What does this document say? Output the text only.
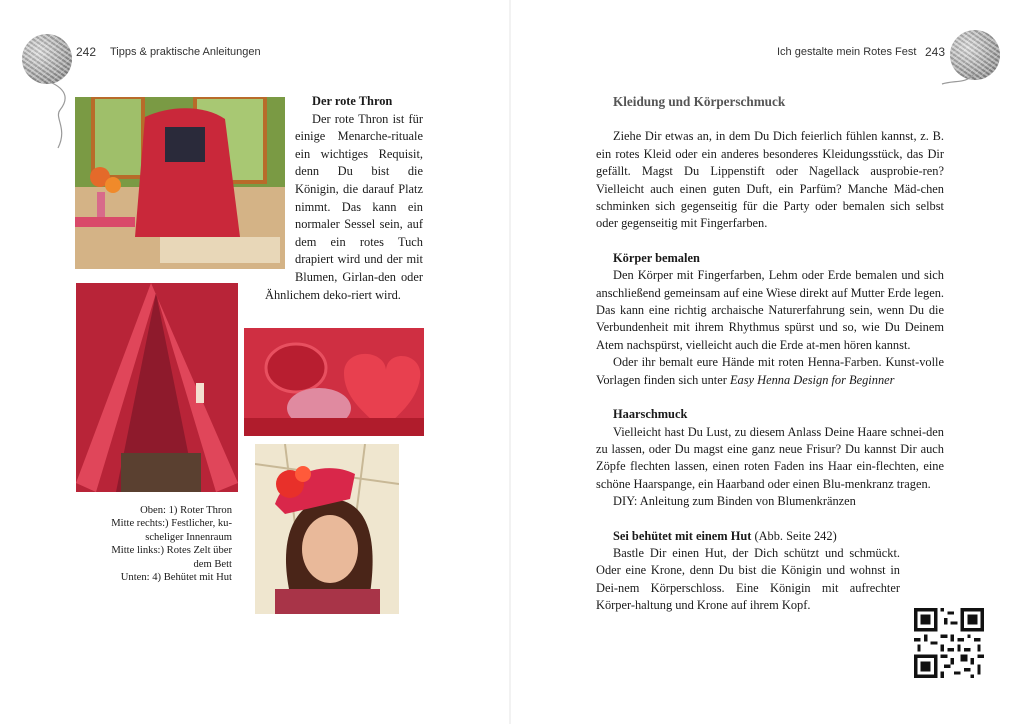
242 Tipps & praktische Anleitungen	Ich gestalte mein Rotes Fest 243

Der rote Thron

Der rote Thron ist für einige Menarche-rituale ein wichtiges Requisit, denn Du bist die Königin, die darauf Platz nimmt. Das kann ein normaler Sessel sein, auf dem ein rotes Tuch drapiert wird und der mit Blumen, Girlan-den oder Ähnlichem deko-riert wird.

Oben: 1) Roter Thron
Mitte rechts:) Festlicher, ku-
scheliger Innenraum
Mitte links:) Rotes Zelt über
dem Bett
Unten: 4) Behütet mit Hut

Kleidung und Körperschmuck

Ziehe Dir etwas an, in dem Du Dich feierlich fühlen kannst, z. B. ein rotes Kleid oder ein anderes besonderes Kleidungsstück, das Dir gefällt. Magst Du Lippenstift oder Nagellack ausprobie-ren? Vielleicht auch einen guten Duft, ein Parfüm? Manche Mäd-chen schminken sich gegenseitig für die Party oder bemalen sich selbst oder gegenseitig mit Fingerfarben.

Körper bemalen

Den Körper mit Fingerfarben, Lehm oder Erde bemalen und sich anschließend gemeinsam auf eine Wiese direkt auf Mutter Erde legen. Das kann eine richtig archaische Naturerfahrung sein, wenn Du die Verbundenheit mit ihrem Rhythmus spürst und so, wie Du Deinem Atem nachspürst, vielleicht auch die Erde at-men hören kannst.

Oder ihr bemalt eure Hände mit roten Henna-Farben. Kunst-volle Vorlagen finden sich unter Easy Henna Design for Beginner

Haarschmuck

Vielleicht hast Du Lust, zu diesem Anlass Deine Haare schnei-den zu lassen, oder Du magst eine ganz neue Frisur? Du kannst Dir auch Zöpfe flechten lassen, einen roten Faden ins Haar ein-flechten, eine schöne Haarspange, ein Haarband oder einen Blu-menkranz tragen.

DIY: Anleitung zum Binden von Blumenkränzen

Sei behütet mit einem Hut (Abb. Seite 242)

Bastle Dir einen Hut, der Dich schützt und schmückt. Oder eine Krone, denn Du bist die Königin und wohnst in Dei-nem Körperschloss. Eine Königin mit aufrechter Körper-haltung und Krone auf ihrem Kopf.
